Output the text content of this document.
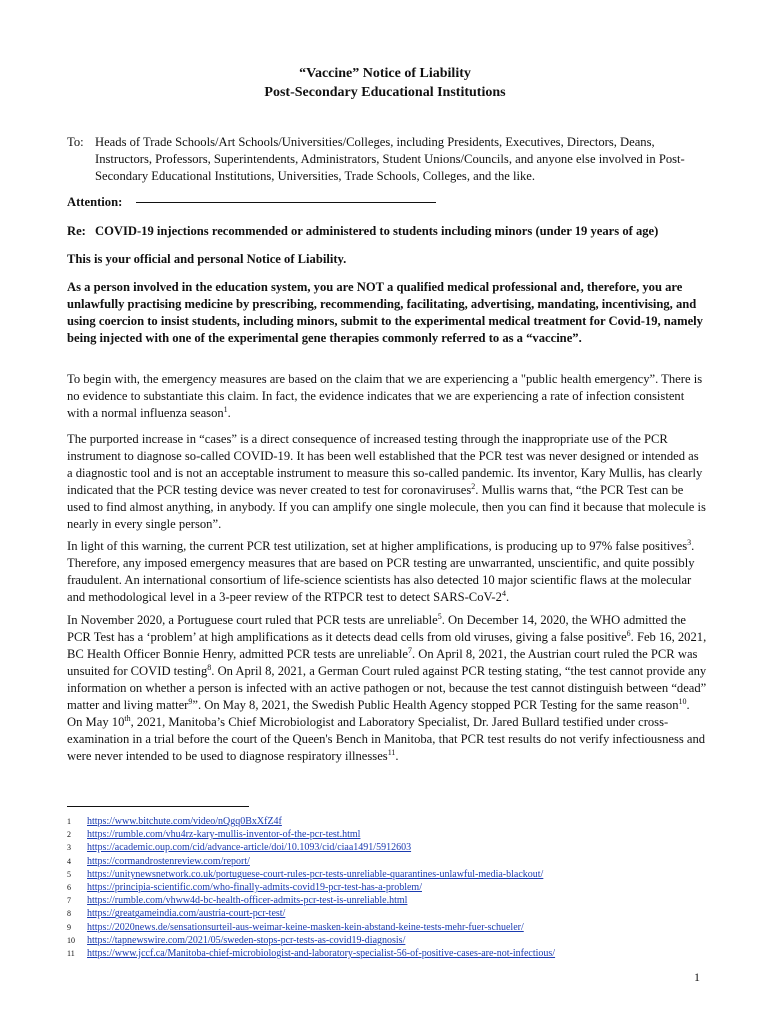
“Vaccine” Notice of Liability
Post-Secondary Educational Institutions
To: Heads of Trade Schools/Art Schools/Universities/Colleges, including Presidents, Executives, Directors, Deans, Instructors, Professors, Superintendents, Administrators, Student Unions/Councils, and anyone else involved in Post-Secondary Educational Institutions, Universities, Trade Schools, Colleges, and the like.
Attention:
Re: COVID-19 injections recommended or administered to students including minors (under 19 years of age)
This is your official and personal Notice of Liability.
As a person involved in the education system, you are NOT a qualified medical professional and, therefore, you are unlawfully practising medicine by prescribing, recommending, facilitating, advertising, mandating, incentivising, and using coercion to insist students, including minors, submit to the experimental medical treatment for Covid-19, namely being injected with one of the experimental gene therapies commonly referred to as a “vaccine”.
To begin with, the emergency measures are based on the claim that we are experiencing a "public health emergency”. There is no evidence to substantiate this claim. In fact, the evidence indicates that we are experiencing a rate of infection consistent with a normal influenza season$^1$.
The purported increase in “cases” is a direct consequence of increased testing through the inappropriate use of the PCR instrument to diagnose so-called COVID-19. It has been well established that the PCR test was never designed or intended as a diagnostic tool and is not an acceptable instrument to measure this so-called pandemic. Its inventor, Kary Mullis, has clearly indicated that the PCR testing device was never created to test for coronaviruses$^2$. Mullis warns that, “the PCR Test can be used to find almost anything, in anybody. If you can amplify one single molecule, then you can find it because that molecule is nearly in every single person”.
In light of this warning, the current PCR test utilization, set at higher amplifications, is producing up to 97% false positives$^3$. Therefore, any imposed emergency measures that are based on PCR testing are unwarranted, unscientific, and quite possibly fraudulent. An international consortium of life-science scientists has also detected 10 major scientific flaws at the molecular and methodological level in a 3-peer review of the RTPCR test to detect SARS-$CoV-2^4$.
In November 2020, a Portuguese court ruled that PCR tests are unreliable$^5$. On December 14, 2020, the WHO admitted the PCR Test has a ‘problem’ at high amplifications as it detects dead cells from old viruses, giving a false positive$^6$. Feb 16, 2021, BC Health Officer Bonnie Henry, admitted PCR tests are unreliable$^7$. On April 8, 2021, the Austrian court ruled the PCR was unsuited for COVID testing$^8$. On April 8, 2021, a German Court ruled against PCR testing stating, “the test cannot provide any information on whether a person is infected with an active pathogen or not, because the test cannot distinguish between “dead” matter and living matter$^9$”. On May 8, 2021, the Swedish Public Health Agency stopped PCR Testing for the same reason$^{10}$. On May 10th, 2021, Manitoba’s Chief Microbiologist and Laboratory Specialist, Dr. Jared Bullard testified under cross-examination in a trial before the court of the Queen's Bench in Manitoba, that PCR test results do not verify infectiousness and were never intended to be used to diagnose respiratory illnesses$^{11}$.
1	https://www.bitchute.com/video/nQgq0BxXfZ4f
2	https://rumble.com/vhu4rz-kary-mullis-inventor-of-the-pcr-test.html
3	https://academic.oup.com/cid/advance-article/doi/10.1093/cid/ciaa1491/5912603
4	https://cormandrostenreview.com/report/
5	https://unitynewsnetwork.co.uk/portuguese-court-rules-pcr-tests-unreliable-quarantines-unlawful-media-blackout/
6	https://principia-scientific.com/who-finally-admits-covid19-pcr-test-has-a-problem/
7	https://rumble.com/vhww4d-bc-health-officer-admits-pcr-test-is-unreliable.html
8	https://greatgameindia.com/austria-court-pcr-test/
9	https://2020news.de/sensationsurteil-aus-weimar-keine-masken-kein-abstand-keine-tests-mehr-fuer-schueler/
10	https://tapnewswire.com/2021/05/sweden-stops-pcr-tests-as-covid19-diagnosis/
11	https://www.jccf.ca/Manitoba-chief-microbiologist-and-laboratory-specialist-56-of-positive-cases-are-not-infectious/
1
